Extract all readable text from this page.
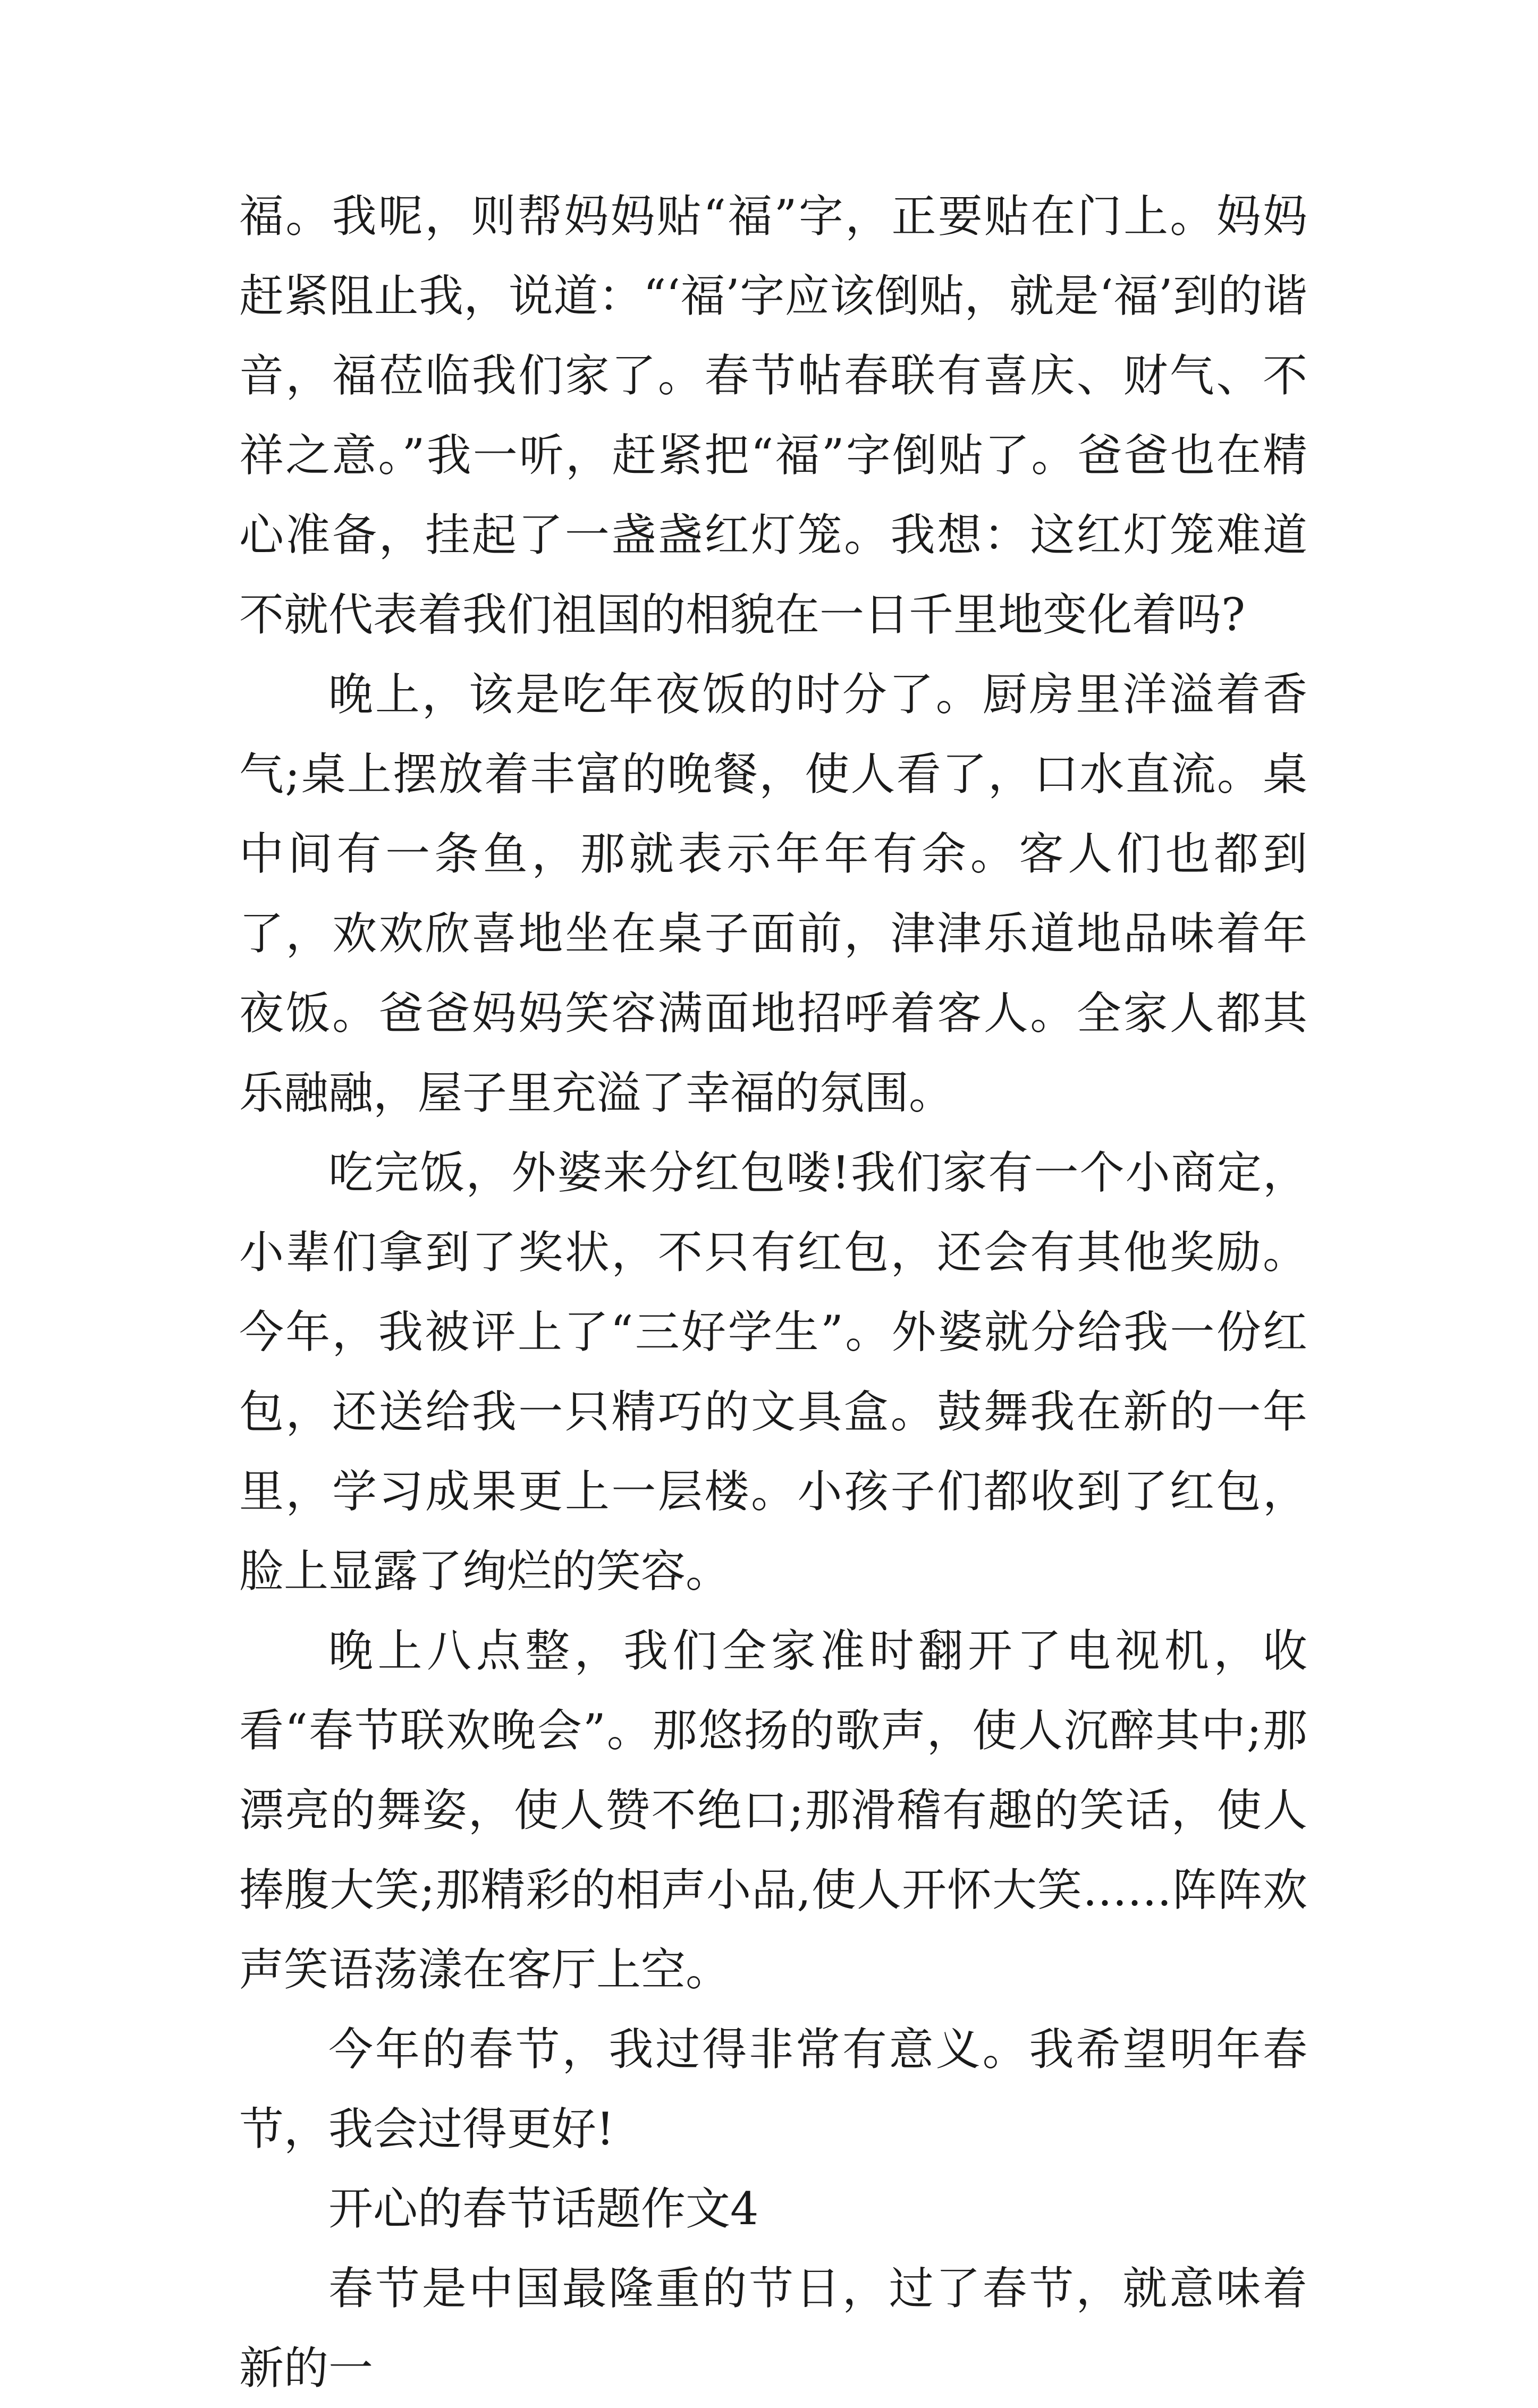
福。我呢，则帮妈妈贴“福”字，正要贴在门上。妈妈赶紧阻止我，说道：“‘福’字应该倒贴，就是‘福’到的谐音，福莅临我们家了。春节帖春联有喜庆、财气、不祥之意。”我一听，赶紧把“福”字倒贴了。爸爸也在精心准备，挂起了一盏盏红灯笼。我想：这红灯笼难道不就代表着我们祖国的相貌在一日千里地变化着吗?

晚上，该是吃年夜饭的时分了。厨房里洋溢着香气;桌上摆放着丰富的晚餐，使人看了，口水直流。桌中间有一条鱼，那就表示年年有余。客人们也都到了，欢欢欣喜地坐在桌子面前，津津乐道地品味着年夜饭。爸爸妈妈笑容满面地招呼着客人。全家人都其乐融融，屋子里充溢了幸福的氛围。

吃完饭，外婆来分红包喽!我们家有一个小商定，小辈们拿到了奖状，不只有红包，还会有其他奖励。今年，我被评上了“三好学生”。外婆就分给我一份红包，还送给我一只精巧的文具盒。鼓舞我在新的一年里，学习成果更上一层楼。小孩子们都收到了红包，脸上显露了绚烂的笑容。

晚上八点整，我们全家准时翻开了电视机，收看“春节联欢晚会”。那悠扬的歌声，使人沉醉其中;那漂亮的舞姿，使人赞不绝口;那滑稽有趣的笑话，使人捧腹大笑;那精彩的相声小品,使人开怀大笑……阵阵欢声笑语荡漾在客厅上空。

今年的春节，我过得非常有意义。我希望明年春节，我会过得更好!

开心的春节话题作文4

春节是中国最隆重的节日，过了春节，就意味着新的一
